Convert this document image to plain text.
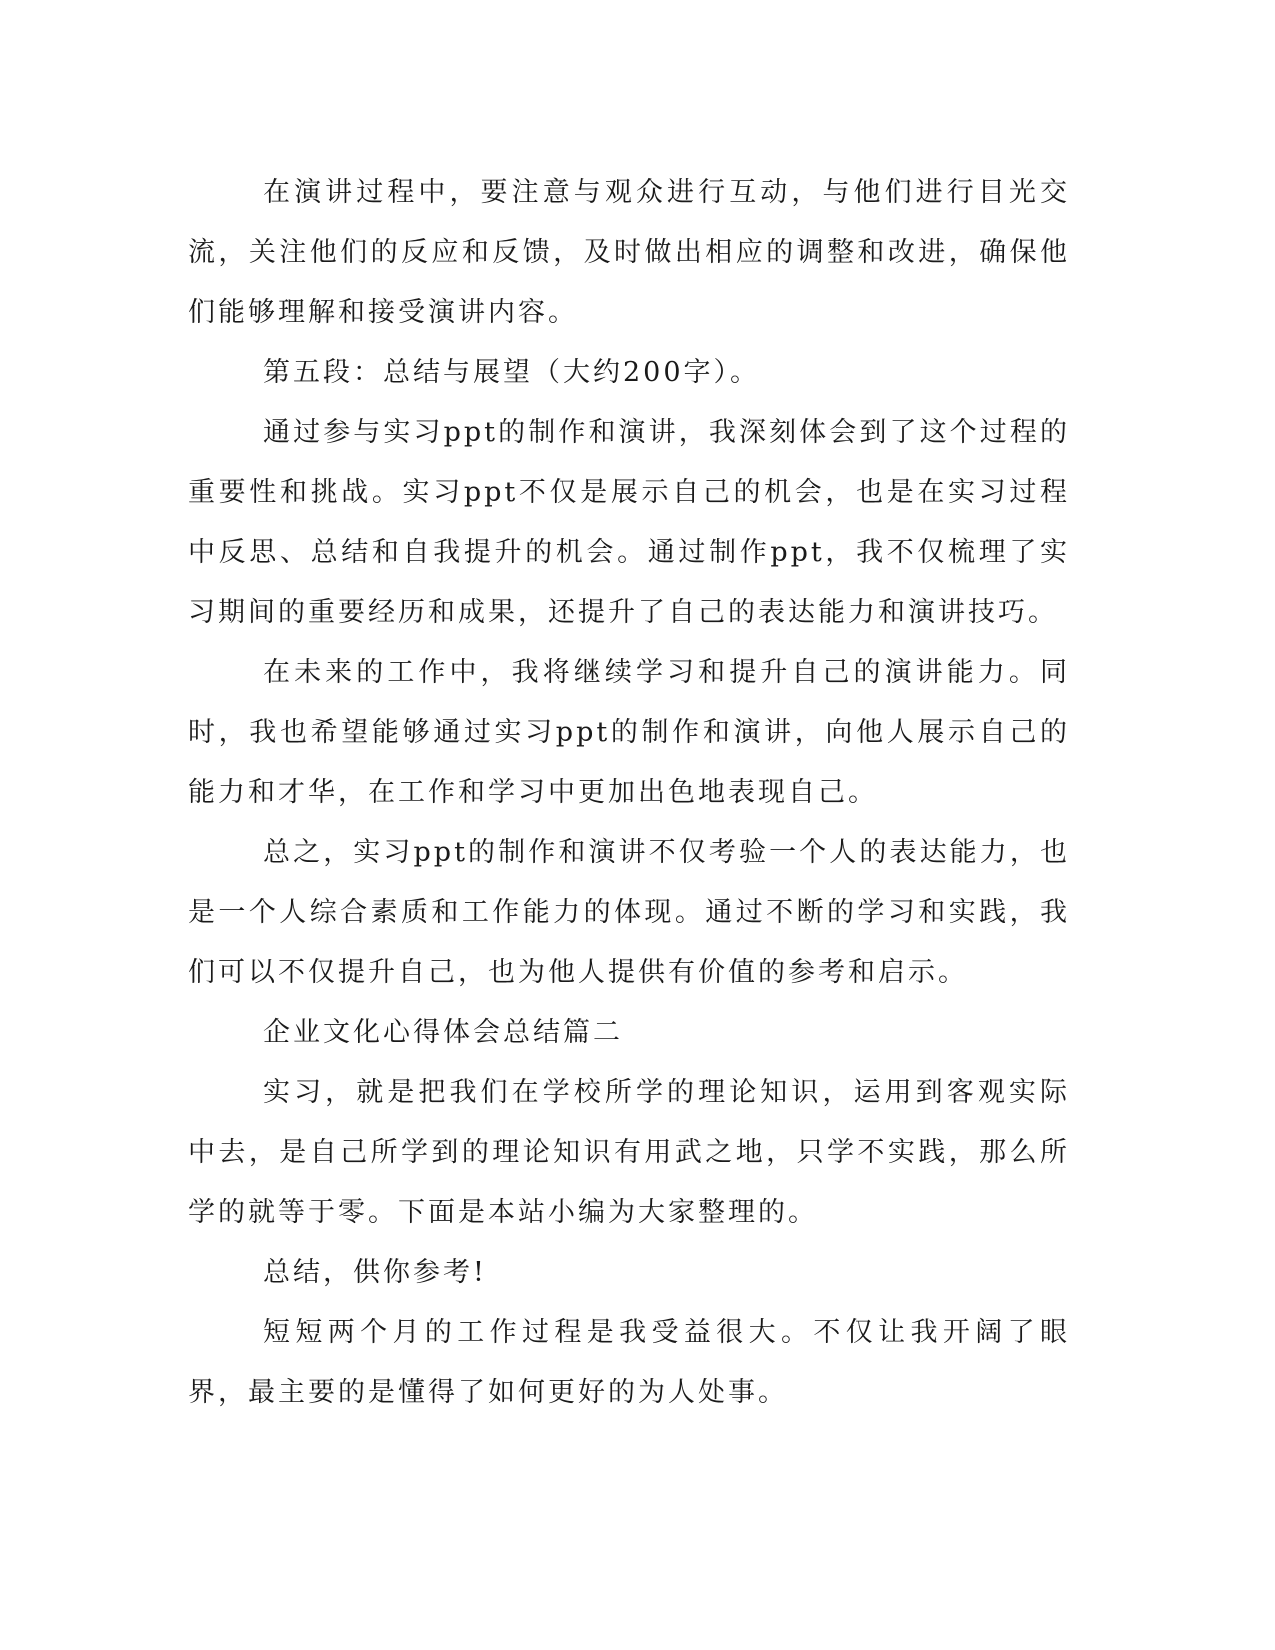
在演讲过程中，要注意与观众进行互动，与他们进行目光交流，关注他们的反应和反馈，及时做出相应的调整和改进，确保他们能够理解和接受演讲内容。

第五段：总结与展望（大约200字）。

通过参与实习ppt的制作和演讲，我深刻体会到了这个过程的重要性和挑战。实习ppt不仅是展示自己的机会，也是在实习过程中反思、总结和自我提升的机会。通过制作ppt，我不仅梳理了实习期间的重要经历和成果，还提升了自己的表达能力和演讲技巧。

在未来的工作中，我将继续学习和提升自己的演讲能力。同时，我也希望能够通过实习ppt的制作和演讲，向他人展示自己的能力和才华，在工作和学习中更加出色地表现自己。

总之，实习ppt的制作和演讲不仅考验一个人的表达能力，也是一个人综合素质和工作能力的体现。通过不断的学习和实践，我们可以不仅提升自己，也为他人提供有价值的参考和启示。

企业文化心得体会总结篇二

实习，就是把我们在学校所学的理论知识，运用到客观实际中去，是自己所学到的理论知识有用武之地，只学不实践，那么所学的就等于零。下面是本站小编为大家整理的。

总结，供你参考!

短短两个月的工作过程是我受益很大。不仅让我开阔了眼界，最主要的是懂得了如何更好的为人处事。
